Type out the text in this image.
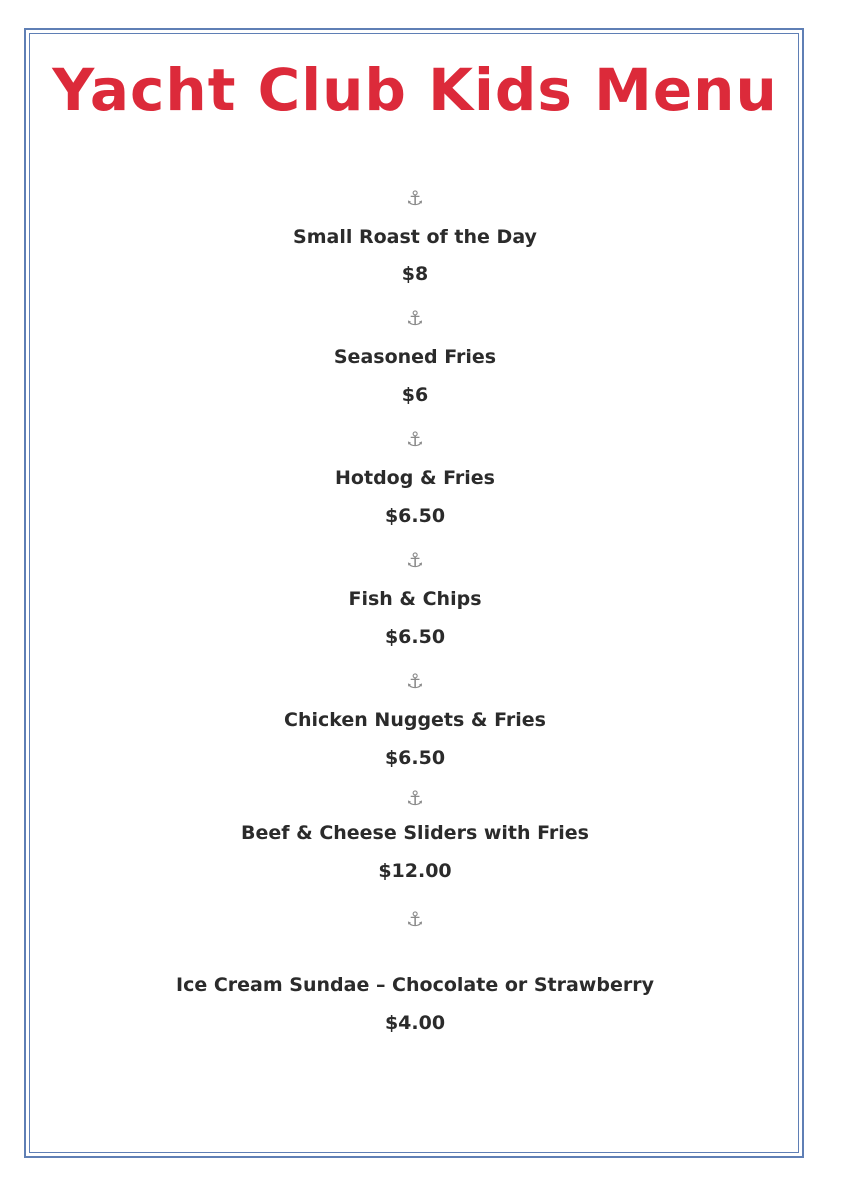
Yacht Club Kids Menu
⚓
Small Roast of the Day
$8
⚓
Seasoned Fries
$6
⚓
Hotdog & Fries
$6.50
⚓
Fish & Chips
$6.50
⚓
Chicken Nuggets & Fries
$6.50
⚓
Beef & Cheese Sliders with Fries
$12.00
⚓
Ice Cream Sundae – Chocolate or Strawberry
$4.00
